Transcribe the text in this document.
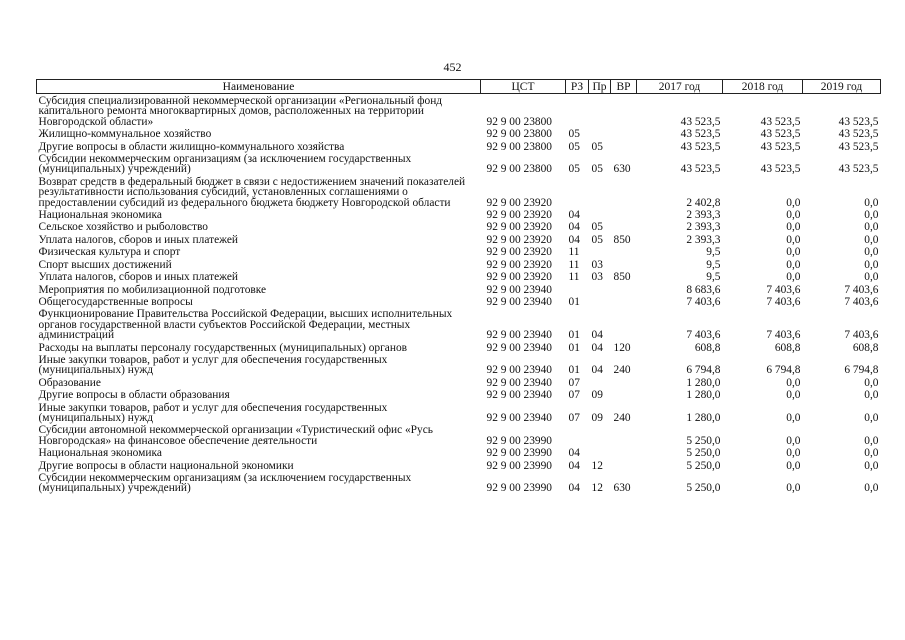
452
Наименование	ЦСТ	РЗ	Пр	ВР	2017 год	2018 год	2019 год
Субсидия специализированной некоммерческой организации «Региональный фонд капитального ремонта многоквартирных домов, расположенных на территории Новгородской области»	92 9 00 23800				43 523,5	43 523,5	43 523,5
Жилищно-коммунальное хозяйство	92 9 00 23800	05			43 523,5	43 523,5	43 523,5
Другие вопросы в области жилищно-коммунального хозяйства	92 9 00 23800	05	05		43 523,5	43 523,5	43 523,5
Субсидии некоммерческим организациям (за исключением государственных (муниципальных) учреждений)	92 9 00 23800	05	05	630	43 523,5	43 523,5	43 523,5
Возврат средств в федеральный бюджет в связи с недостижением значений показателей результативности использования субсидий, установленных соглашениями о предоставлении субсидий из федерального бюджета бюджету Новгородской области	92 9 00 23920				2 402,8	0,0	0,0
Национальная экономика	92 9 00 23920	04			2 393,3	0,0	0,0
Сельское хозяйство и рыболовство	92 9 00 23920	04	05		2 393,3	0,0	0,0
Уплата налогов, сборов и иных платежей	92 9 00 23920	04	05	850	2 393,3	0,0	0,0
Физическая культура и спорт	92 9 00 23920	11			9,5	0,0	0,0
Спорт высших достижений	92 9 00 23920	11	03		9,5	0,0	0,0
Уплата налогов, сборов и иных платежей	92 9 00 23920	11	03	850	9,5	0,0	0,0
Мероприятия по мобилизационной подготовке	92 9 00 23940				8 683,6	7 403,6	7 403,6
Общегосударственные вопросы	92 9 00 23940	01			7 403,6	7 403,6	7 403,6
Функционирование Правительства Российской Федерации, высших исполнительных органов государственной власти субъектов Российской Федерации, местных администраций	92 9 00 23940	01	04		7 403,6	7 403,6	7 403,6
Расходы на выплаты персоналу государственных (муниципальных) органов	92 9 00 23940	01	04	120	608,8	608,8	608,8
Иные закупки товаров, работ и услуг для обеспечения государственных (муниципальных) нужд	92 9 00 23940	01	04	240	6 794,8	6 794,8	6 794,8
Образование	92 9 00 23940	07			1 280,0	0,0	0,0
Другие вопросы в области образования	92 9 00 23940	07	09		1 280,0	0,0	0,0
Иные закупки товаров, работ и услуг для обеспечения государственных (муниципальных) нужд	92 9 00 23940	07	09	240	1 280,0	0,0	0,0
Субсидии автономной некоммерческой организации «Туристический офис «Русь Новгородская» на финансовое обеспечение деятельности	92 9 00 23990				5 250,0	0,0	0,0
Национальная экономика	92 9 00 23990	04			5 250,0	0,0	0,0
Другие вопросы в области национальной экономики	92 9 00 23990	04	12		5 250,0	0,0	0,0
Субсидии некоммерческим организациям (за исключением государственных (муниципальных) учреждений)	92 9 00 23990	04	12	630	5 250,0	0,0	0,0
